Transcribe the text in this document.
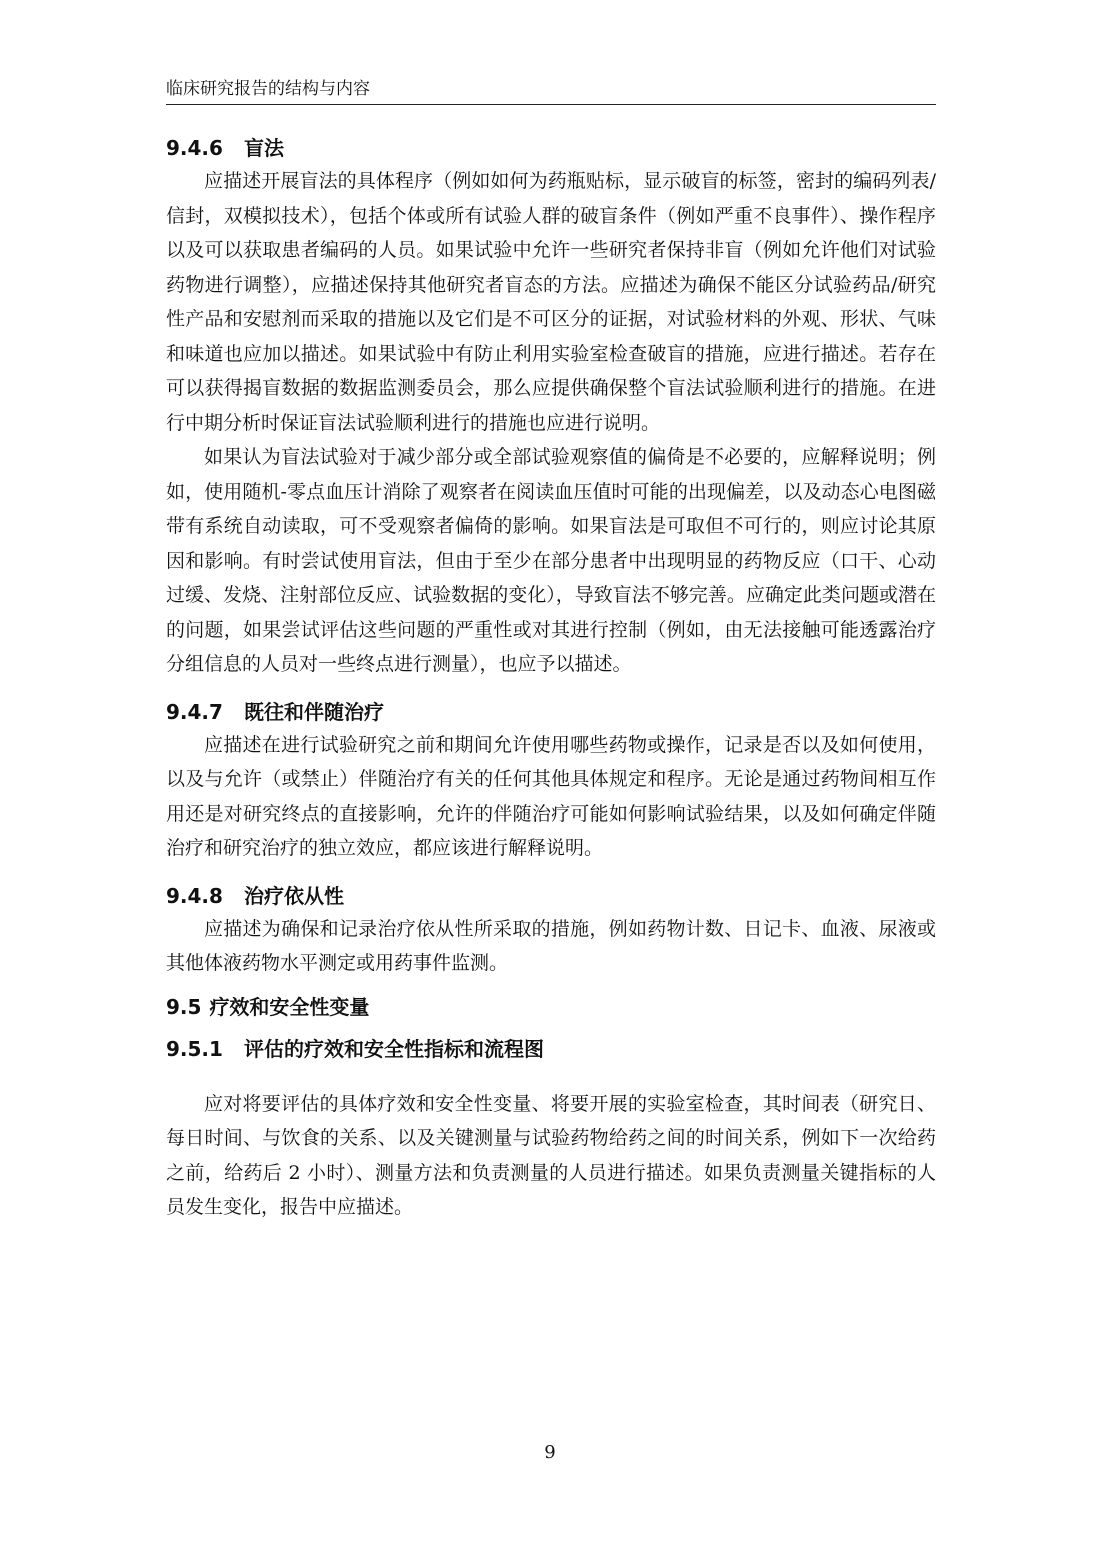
临床研究报告的结构与内容
9.4.6 盲法

应描述开展盲法的具体程序（例如如何为药瓶贴标，显示破盲的标签，密封的编码列表/信封，双模拟技术），包括个体或所有试验人群的破盲条件（例如严重不良事件）、操作程序以及可以获取患者编码的人员。如果试验中允许一些研究者保持非盲（例如允许他们对试验药物进行调整），应描述保持其他研究者盲态的方法。应描述为确保不能区分试验药品/研究性产品和安慰剂而采取的措施以及它们是不可区分的证据，对试验材料的外观、形状、气味和味道也应加以描述。如果试验中有防止利用实验室检查破盲的措施，应进行描述。若存在可以获得揭盲数据的数据监测委员会，那么应提供确保整个盲法试验顺利进行的措施。在进行中期分析时保证盲法试验顺利进行的措施也应进行说明。

如果认为盲法试验对于减少部分或全部试验观察值的偏倚是不必要的，应解释说明；例如，使用随机-零点血压计消除了观察者在阅读血压值时可能的出现偏差，以及动态心电图磁带有系统自动读取，可不受观察者偏倚的影响。如果盲法是可取但不可行的，则应讨论其原因和影响。有时尝试使用盲法，但由于至少在部分患者中出现明显的药物反应（口干、心动过缓、发烧、注射部位反应、试验数据的变化），导致盲法不够完善。应确定此类问题或潜在的问题，如果尝试评估这些问题的严重性或对其进行控制（例如，由无法接触可能透露治疗分组信息的人员对一些终点进行测量），也应予以描述。

9.4.7 既往和伴随治疗

应描述在进行试验研究之前和期间允许使用哪些药物或操作，记录是否以及如何使用，以及与允许（或禁止）伴随治疗有关的任何其他具体规定和程序。无论是通过药物间相互作用还是对研究终点的直接影响，允许的伴随治疗可能如何影响试验结果，以及如何确定伴随治疗和研究治疗的独立效应，都应该进行解释说明。

9.4.8 治疗依从性

应描述为确保和记录治疗依从性所采取的措施，例如药物计数、日记卡、血液、尿液或其他体液药物水平测定或用药事件监测。

9.5 疗效和安全性变量
9.5.1 评估的疗效和安全性指标和流程图

应对将要评估的具体疗效和安全性变量、将要开展的实验室检查，其时间表（研究日、每日时间、与饮食的关系、以及关键测量与试验药物给药之间的时间关系，例如下一次给药之前，给药后 2 小时）、测量方法和负责测量的人员进行描述。如果负责测量关键指标的人员发生变化，报告中应描述。

9
